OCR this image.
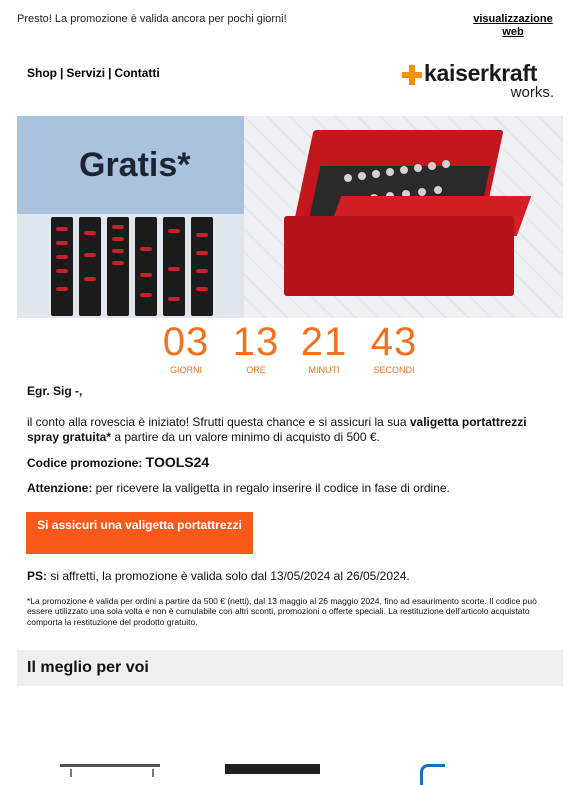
Presto! La promozione è valida ancora per pochi giorni!	visualizzazione web
Shop | Servizi | Contatti	kaiserkraft
works.
Gratis*
03
GIORNI
13
ORE
21
MINUTI
43
SECONDI

Egr. Sig -,

il conto alla rovescia è iniziato! Sfrutti questa chance e si assicuri la sua valigetta portattrezzi spray gratuita* a partire da un valore minimo di acquisto di 500 €.

Codice promozione: TOOLS24

Attenzione: per ricevere la valigetta in regalo inserire il codice in fase di ordine.

Si assicuri una valigetta portattrezzi

PS: si affretti, la promozione è valida solo dal 13/05/2024 al 26/05/2024.

*La promozione è valida per ordini a partire da 500 € (netti), dal 13 maggio al 26 maggio 2024, fino ad esaurimento scorte. Il codice può essere utilizzato una sola volta e non è cumulabile con altri sconti, promozioni o offerte speciali. La restituzione dell’articolo acquistato comporta la restituzione del prodotto gratuito.

Il meglio per voi
